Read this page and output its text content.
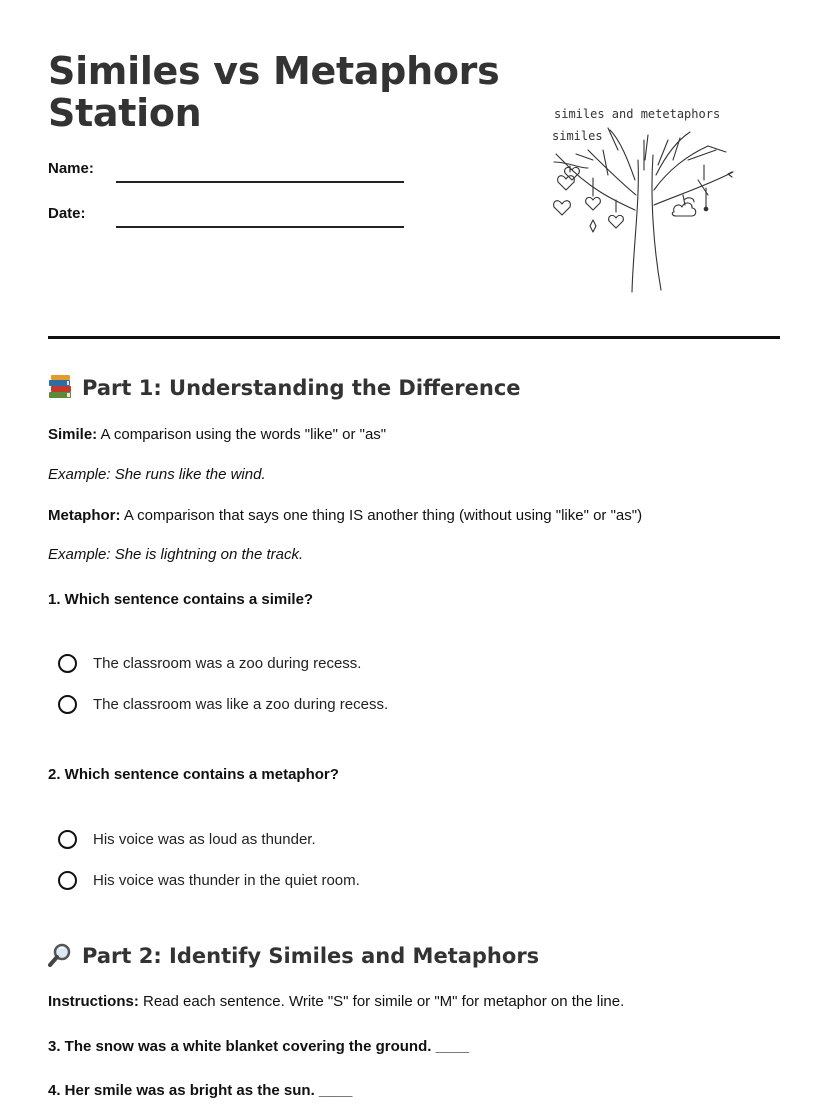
Similes vs Metaphors
Station
Name:
Date:
similes and metetaphors
similes
Part 1: Understanding the Difference
Simile: A comparison using the words "like" or "as"
Example: She runs like the wind.
Metaphor: A comparison that says one thing IS another thing (without using "like" or "as")
Example: She is lightning on the track.
1. Which sentence contains a simile?
The classroom was a zoo during recess.
The classroom was like a zoo during recess.
2. Which sentence contains a metaphor?
His voice was as loud as thunder.
His voice was thunder in the quiet room.
Part 2: Identify Similes and Metaphors
Instructions: Read each sentence. Write "S" for simile or "M" for metaphor on the line.
3. The snow was a white blanket covering the ground. ____
4. Her smile was as bright as the sun. ____
